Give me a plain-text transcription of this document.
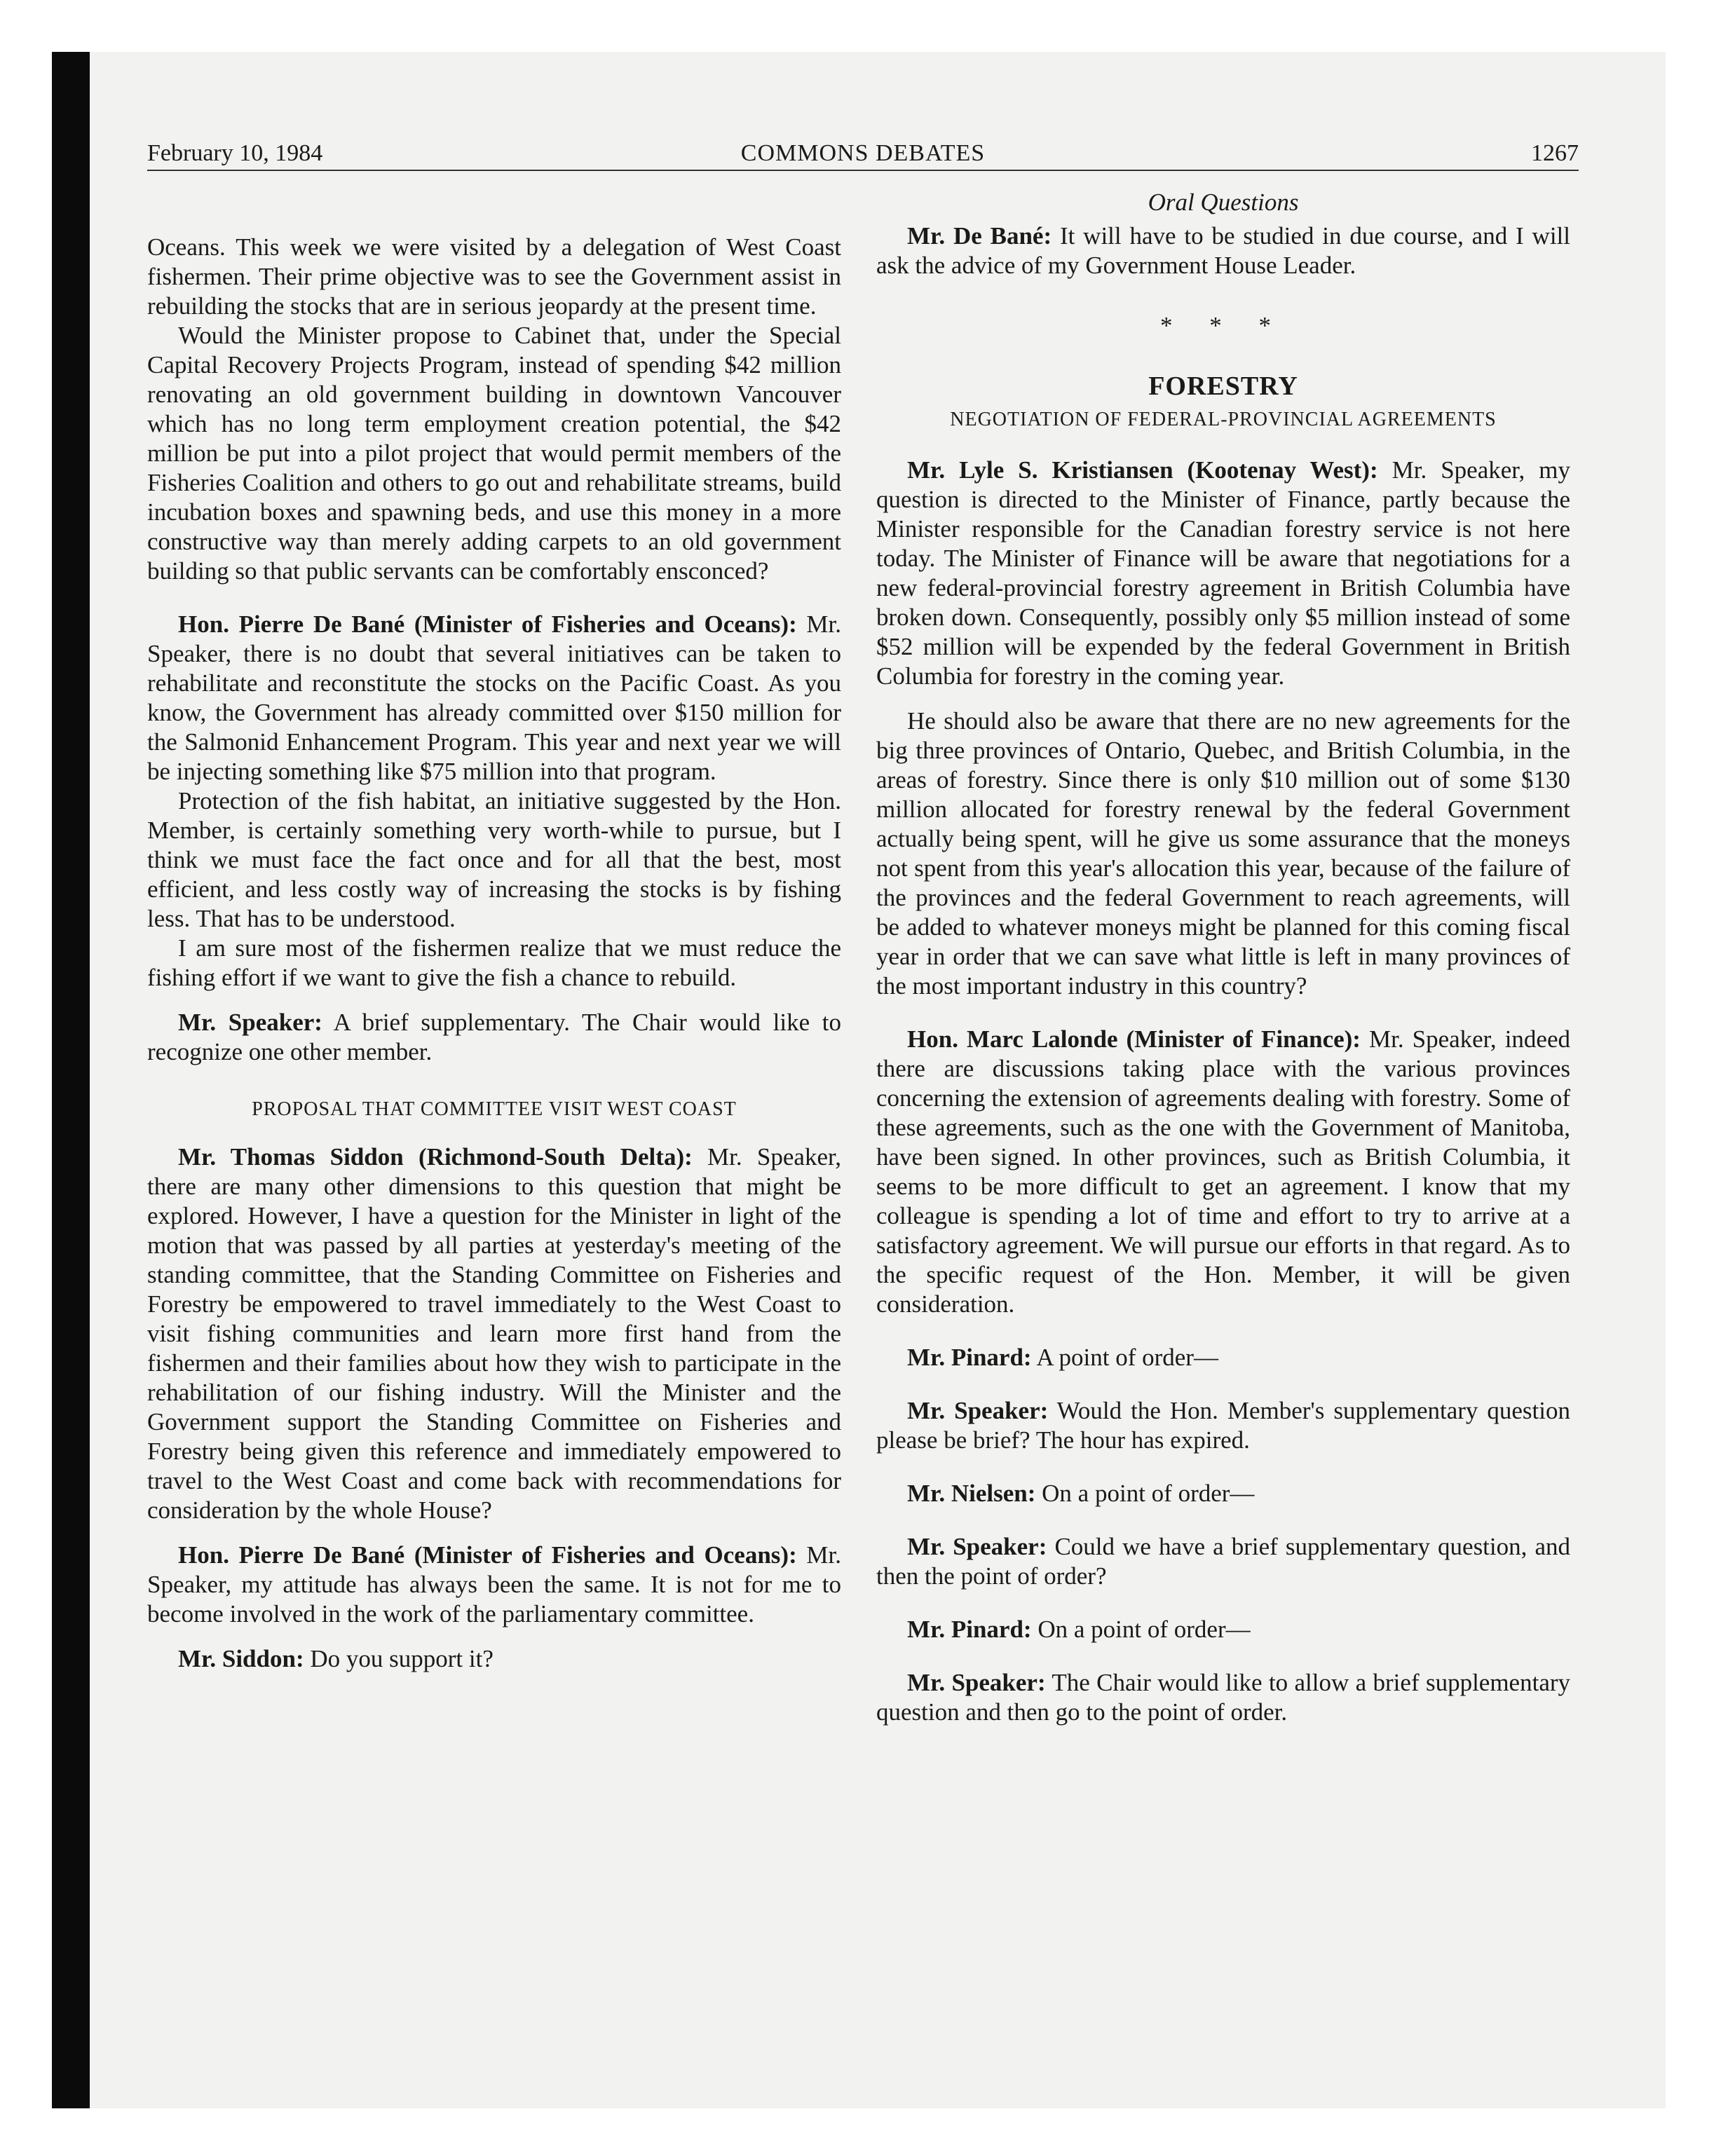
February 10, 1984	COMMONS DEBATES	1267

Oceans. This week we were visited by a delegation of West Coast fishermen. Their prime objective was to see the Government assist in rebuilding the stocks that are in serious jeopardy at the present time.

Would the Minister propose to Cabinet that, under the Special Capital Recovery Projects Program, instead of spending $42 million renovating an old government building in downtown Vancouver which has no long term employment creation potential, the $42 million be put into a pilot project that would permit members of the Fisheries Coalition and others to go out and rehabilitate streams, build incubation boxes and spawning beds, and use this money in a more constructive way than merely adding carpets to an old government building so that public servants can be comfortably ensconced?

Hon. Pierre De Bané (Minister of Fisheries and Oceans): Mr. Speaker, there is no doubt that several initiatives can be taken to rehabilitate and reconstitute the stocks on the Pacific Coast. As you know, the Government has already committed over $150 million for the Salmonid Enhancement Program. This year and next year we will be injecting something like $75 million into that program.

Protection of the fish habitat, an initiative suggested by the Hon. Member, is certainly something very worth-while to pursue, but I think we must face the fact once and for all that the best, most efficient, and less costly way of increasing the stocks is by fishing less. That has to be understood.

I am sure most of the fishermen realize that we must reduce the fishing effort if we want to give the fish a chance to rebuild.

Mr. Speaker: A brief supplementary. The Chair would like to recognize one other member.

PROPOSAL THAT COMMITTEE VISIT WEST COAST

Mr. Thomas Siddon (Richmond-South Delta): Mr. Speaker, there are many other dimensions to this question that might be explored. However, I have a question for the Minister in light of the motion that was passed by all parties at yesterday's meeting of the standing committee, that the Standing Committee on Fisheries and Forestry be empowered to travel immediately to the West Coast to visit fishing communities and learn more first hand from the fishermen and their families about how they wish to participate in the rehabilitation of our fishing industry. Will the Minister and the Government support the Standing Committee on Fisheries and Forestry being given this reference and immediately empowered to travel to the West Coast and come back with recommendations for consideration by the whole House?

Hon. Pierre De Bané (Minister of Fisheries and Oceans): Mr. Speaker, my attitude has always been the same. It is not for me to become involved in the work of the parliamentary committee.

Mr. Siddon: Do you support it?

Oral Questions

Mr. De Bané: It will have to be studied in due course, and I will ask the advice of my Government House Leader.

* * *
FORESTRY
NEGOTIATION OF FEDERAL-PROVINCIAL AGREEMENTS

Mr. Lyle S. Kristiansen (Kootenay West): Mr. Speaker, my question is directed to the Minister of Finance, partly because the Minister responsible for the Canadian forestry service is not here today. The Minister of Finance will be aware that negotiations for a new federal-provincial forestry agreement in British Columbia have broken down. Consequently, possibly only $5 million instead of some $52 million will be expended by the federal Government in British Columbia for forestry in the coming year.

He should also be aware that there are no new agreements for the big three provinces of Ontario, Quebec, and British Columbia, in the areas of forestry. Since there is only $10 million out of some $130 million allocated for forestry renewal by the federal Government actually being spent, will he give us some assurance that the moneys not spent from this year's allocation this year, because of the failure of the provinces and the federal Government to reach agreements, will be added to whatever moneys might be planned for this coming fiscal year in order that we can save what little is left in many provinces of the most important industry in this country?

Hon. Marc Lalonde (Minister of Finance): Mr. Speaker, indeed there are discussions taking place with the various provinces concerning the extension of agreements dealing with forestry. Some of these agreements, such as the one with the Government of Manitoba, have been signed. In other provinces, such as British Columbia, it seems to be more difficult to get an agreement. I know that my colleague is spending a lot of time and effort to try to arrive at a satisfactory agreement. We will pursue our efforts in that regard. As to the specific request of the Hon. Member, it will be given consideration.

Mr. Pinard: A point of order—

Mr. Speaker: Would the Hon. Member's supplementary question please be brief? The hour has expired.

Mr. Nielsen: On a point of order—

Mr. Speaker: Could we have a brief supplementary question, and then the point of order?

Mr. Pinard: On a point of order—

Mr. Speaker: The Chair would like to allow a brief supplementary question and then go to the point of order.
